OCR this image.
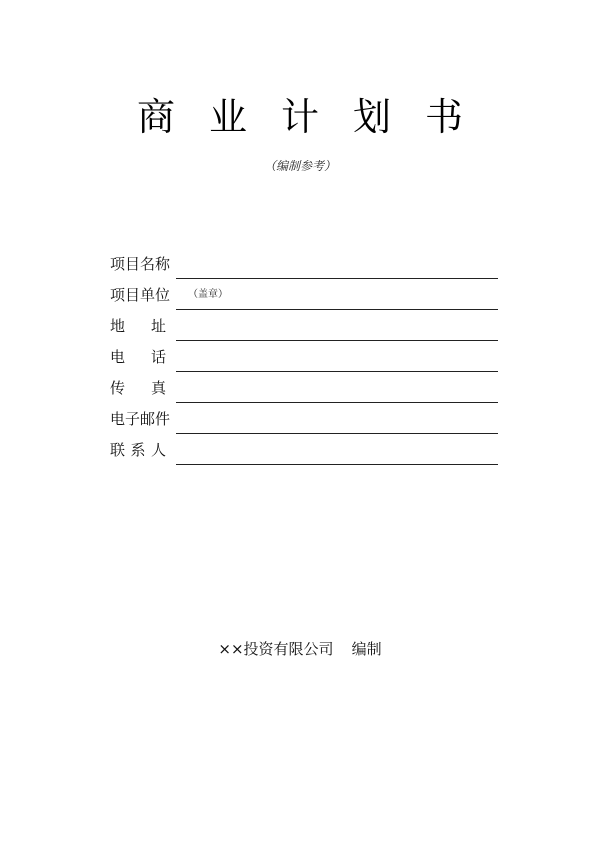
商业计划书
（编制参考）
项目名称
项目单位 （盖章）
地　址
电　话
传　真
电子邮件
联 系 人
××投资有限公司 编制
